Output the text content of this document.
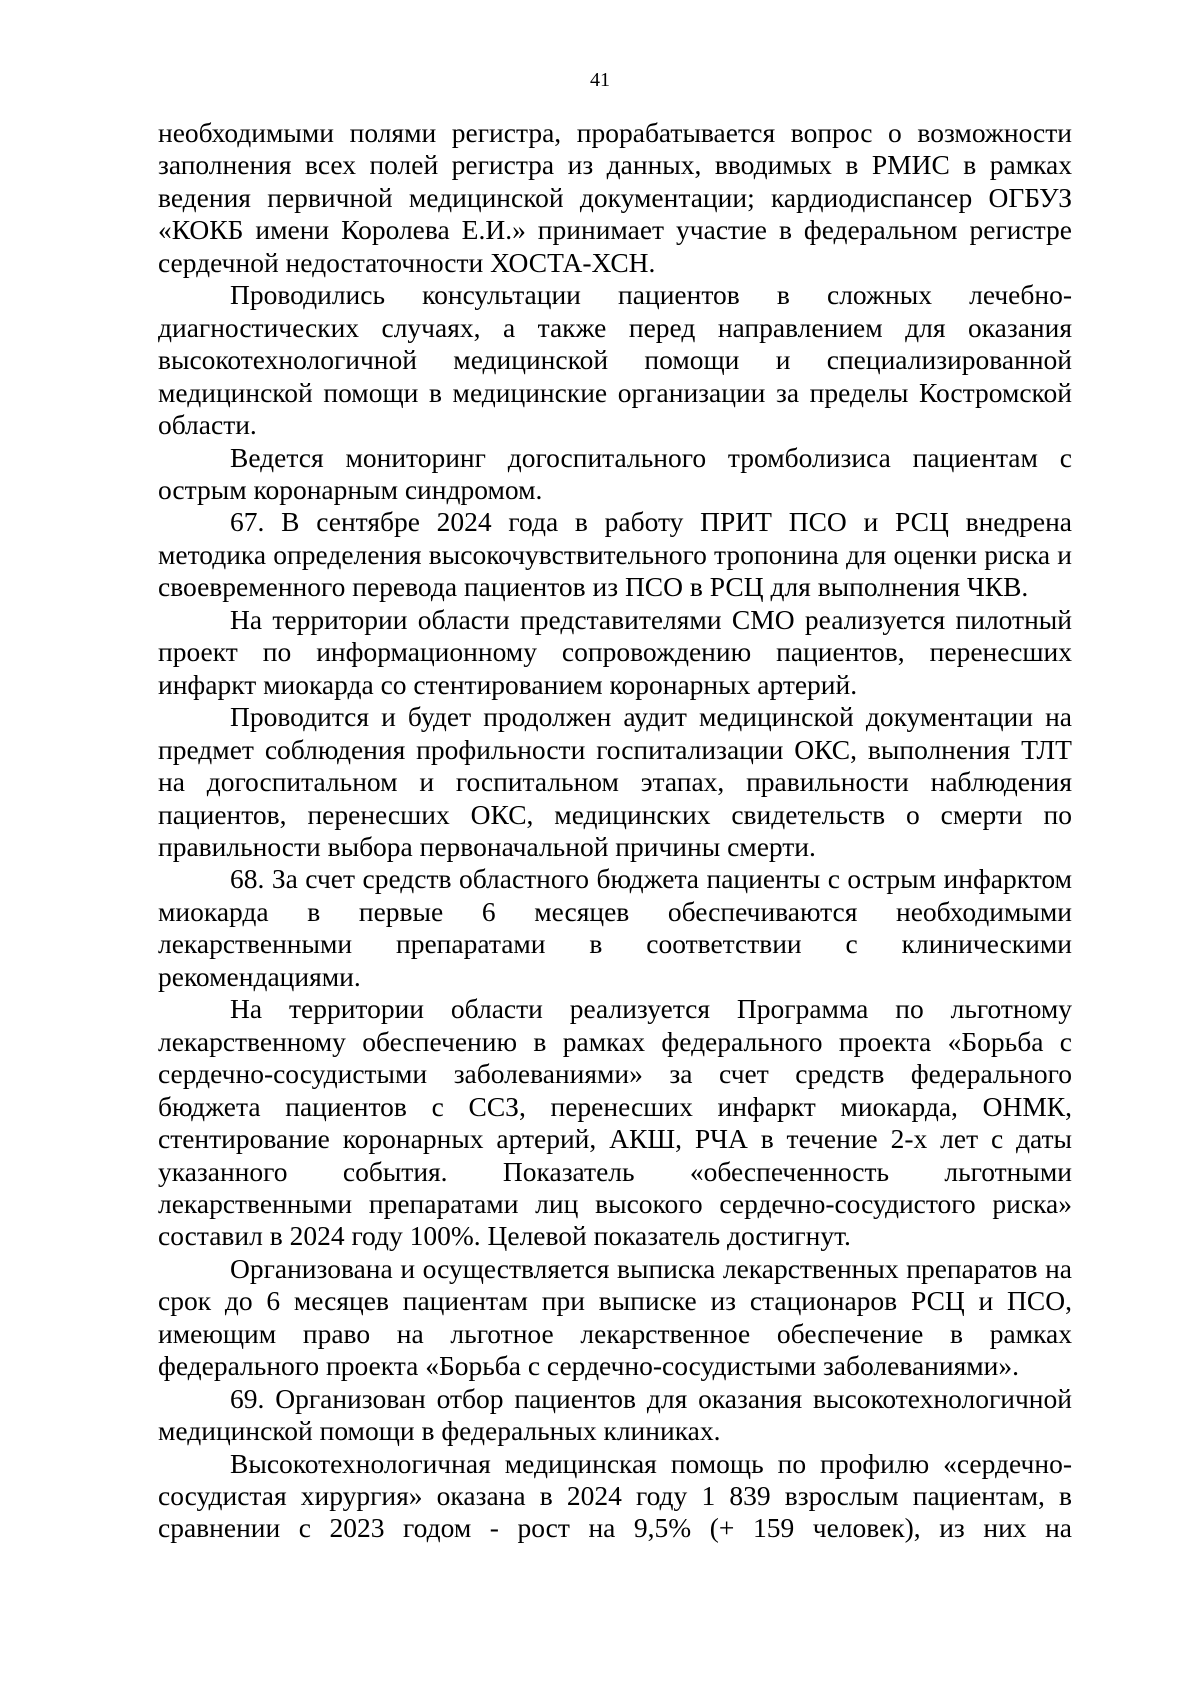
41

необходимыми полями регистра, прорабатывается вопрос о возможности заполнения всех полей регистра из данных, вводимых в РМИС в рамках ведения первичной медицинской документации; кардиодиспансер ОГБУЗ «КОКБ имени Королева Е.И.» принимает участие в федеральном регистре сердечной недостаточности ХОСТА-ХСН.

Проводились консультации пациентов в сложных лечебно-диагностических случаях, а также перед направлением для оказания высокотехнологичной медицинской помощи и специализированной медицинской помощи в медицинские организации за пределы Костромской области.

Ведется мониторинг догоспитального тромболизиса пациентам с острым коронарным синдромом.

67. В сентябре 2024 года в работу ПРИТ ПСО и РСЦ внедрена методика определения высокочувствительного тропонина для оценки риска и своевременного перевода пациентов из ПСО в РСЦ для выполнения ЧКВ.

На территории области представителями СМО реализуется пилотный проект по информационному сопровождению пациентов, перенесших инфаркт миокарда со стентированием коронарных артерий.

Проводится и будет продолжен аудит медицинской документации на предмет соблюдения профильности госпитализации ОКС, выполнения ТЛТ на догоспитальном и госпитальном этапах, правильности наблюдения пациентов, перенесших ОКС, медицинских свидетельств о смерти по правильности выбора первоначальной причины смерти.

68. За счет средств областного бюджета пациенты с острым инфарктом миокарда в первые 6 месяцев обеспечиваются необходимыми лекарственными препаратами в соответствии с клиническими рекомендациями.

На территории области реализуется Программа по льготному лекарственному обеспечению в рамках федерального проекта «Борьба с сердечно-сосудистыми заболеваниями» за счет средств федерального бюджета пациентов с ССЗ, перенесших инфаркт миокарда, ОНМК, стентирование коронарных артерий, АКШ, РЧА в течение 2-х лет с даты указанного события. Показатель «обеспеченность льготными лекарственными препаратами лиц высокого сердечно-сосудистого риска» составил в 2024 году 100%. Целевой показатель достигнут.

Организована и осуществляется выписка лекарственных препаратов на срок до 6 месяцев пациентам при выписке из стационаров РСЦ и ПСО, имеющим право на льготное лекарственное обеспечение в рамках федерального проекта «Борьба с сердечно-сосудистыми заболеваниями».

69. Организован отбор пациентов для оказания высокотехнологичной медицинской помощи в федеральных клиниках.

Высокотехнологичная медицинская помощь по профилю «сердечно-сосудистая хирургия» оказана в 2024 году 1 839 взрослым пациентам, в сравнении с 2023 годом - рост на 9,5% (+ 159 человек), из них на
